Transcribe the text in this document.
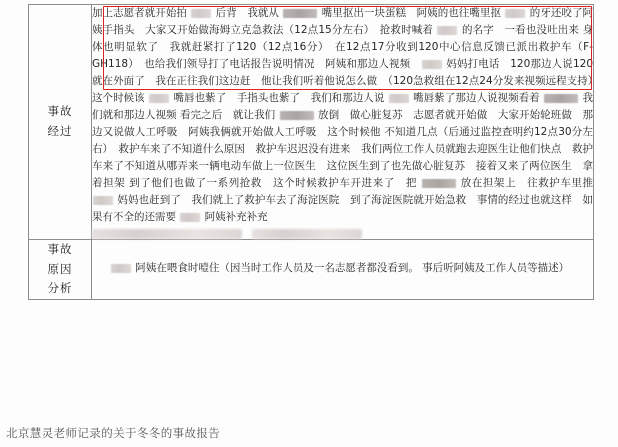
事故
经过	加上志愿者就开始拍  后背　我就从 嘴里抠出一块蛋糕　阿姨的也往嘴里抠  的牙还咬了阿姨手指头　大家又开始做海姆立克急救法（12点15分左右）　抢救时喊着  的名字　一看也没吐出来 身体也明显软了　我就赶紧打了120（12点16分）　在12点17分收到120中心信息反馈已派出救护车（F-GH118）　也给我们领导打了电话报告说明情况　阿姨和那边人视频　 妈妈打电话　120那边人说120就在外面了　我在正往我们这边赶　他让我们听着他说怎么做　（120急救组在12点24分发来视频远程支持）　这个时候该  嘴唇也紫了　手指头也紫了　我们和那边人说  嘴唇紫了那边人说视频看着 我们就和那边人视频 看完之后　就让我们 放倒　做心脏复苏　志愿者就开始做　大家开始轮班做　那边又说做人工呼吸　阿姨我俩就开始做人工呼吸　这个时候他 不知道几点（后通过监控查明约12点30分左右）　救护车来了不知道什么原因　救护车迟迟没有进来　我们两位工作人员就跑去迎医生让他们快点　救护车来了不知道从哪弄来一辆电动车做上一位医生　这位医生到了也先做心脏复苏　接着又来了两位医生　拿着担架 到了他们也做了一系列抢救　这个时候救护车开进来了　把 放在担架上　往救护车里推　 妈妈也赶到了　我们就上了救护车去了海淀医院　到了海淀医院就开始急救　事情的经过也就这样　如果有不全的还需要  阿姨补充补充

事故
原因
分析	阿姨在喂食时噎住（因当时工作人员及一名志愿者都没看到。 事后听阿姨及工作人员等描述）

北京慧灵老师记录的关于冬冬的事故报告
